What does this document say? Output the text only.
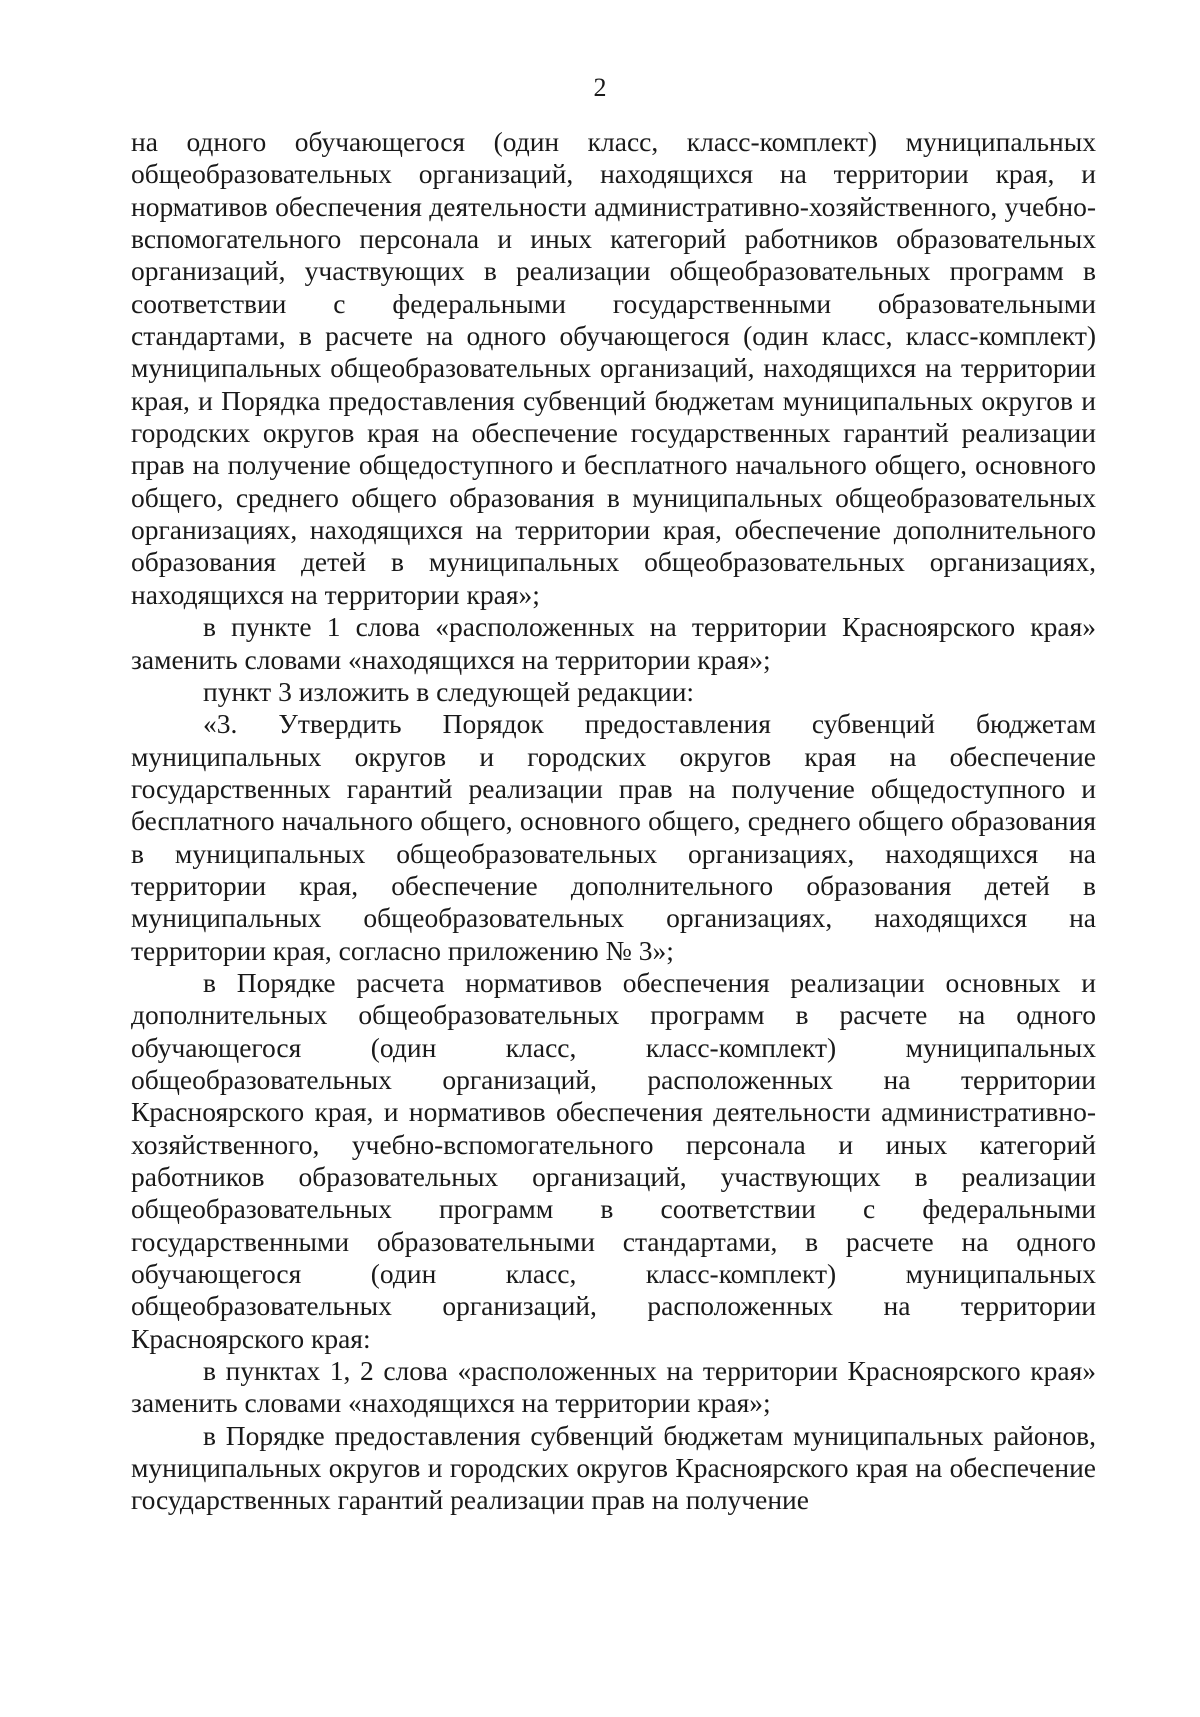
2

на одного обучающегося (один класс, класс-комплект) муниципальных общеобразовательных организаций, находящихся на территории края, и нормативов обеспечения деятельности административно-хозяйственного, учебно-вспомогательного персонала и иных категорий работников образовательных организаций, участвующих в реализации общеобразовательных программ в соответствии с федеральными государственными образовательными стандартами, в расчете на одного обучающегося (один класс, класс-комплект) муниципальных общеобразовательных организаций, находящихся на территории края, и Порядка предоставления субвенций бюджетам муниципальных округов и городских округов края на обеспечение государственных гарантий реализации прав на получение общедоступного и бесплатного начального общего, основного общего, среднего общего образования в муниципальных общеобразовательных организациях, находящихся на территории края, обеспечение дополнительного образования детей в муниципальных общеобразовательных организациях, находящихся на территории края»;

в пункте 1 слова «расположенных на территории Красноярского края» заменить словами «находящихся на территории края»;

пункт 3 изложить в следующей редакции:

«3. Утвердить Порядок предоставления субвенций бюджетам муниципальных округов и городских округов края на обеспечение государственных гарантий реализации прав на получение общедоступного и бесплатного начального общего, основного общего, среднего общего образования в муниципальных общеобразовательных организациях, находящихся на территории края, обеспечение дополнительного образования детей в муниципальных общеобразовательных организациях, находящихся на территории края, согласно приложению № 3»;

в Порядке расчета нормативов обеспечения реализации основных и дополнительных общеобразовательных программ в расчете на одного обучающегося (один класс, класс-комплект) муниципальных общеобразовательных организаций, расположенных на территории Красноярского края, и нормативов обеспечения деятельности административно-хозяйственного, учебно-вспомогательного персонала и иных категорий работников образовательных организаций, участвующих в реализации общеобразовательных программ в соответствии с федеральными государственными образовательными стандартами, в расчете на одного обучающегося (один класс, класс-комплект) муниципальных общеобразовательных организаций, расположенных на территории Красноярского края:

в пунктах 1, 2 слова «расположенных на территории Красноярского края» заменить словами «находящихся на территории края»;

в Порядке предоставления субвенций бюджетам муниципальных районов, муниципальных округов и городских округов Красноярского края на обеспечение государственных гарантий реализации прав на получение
